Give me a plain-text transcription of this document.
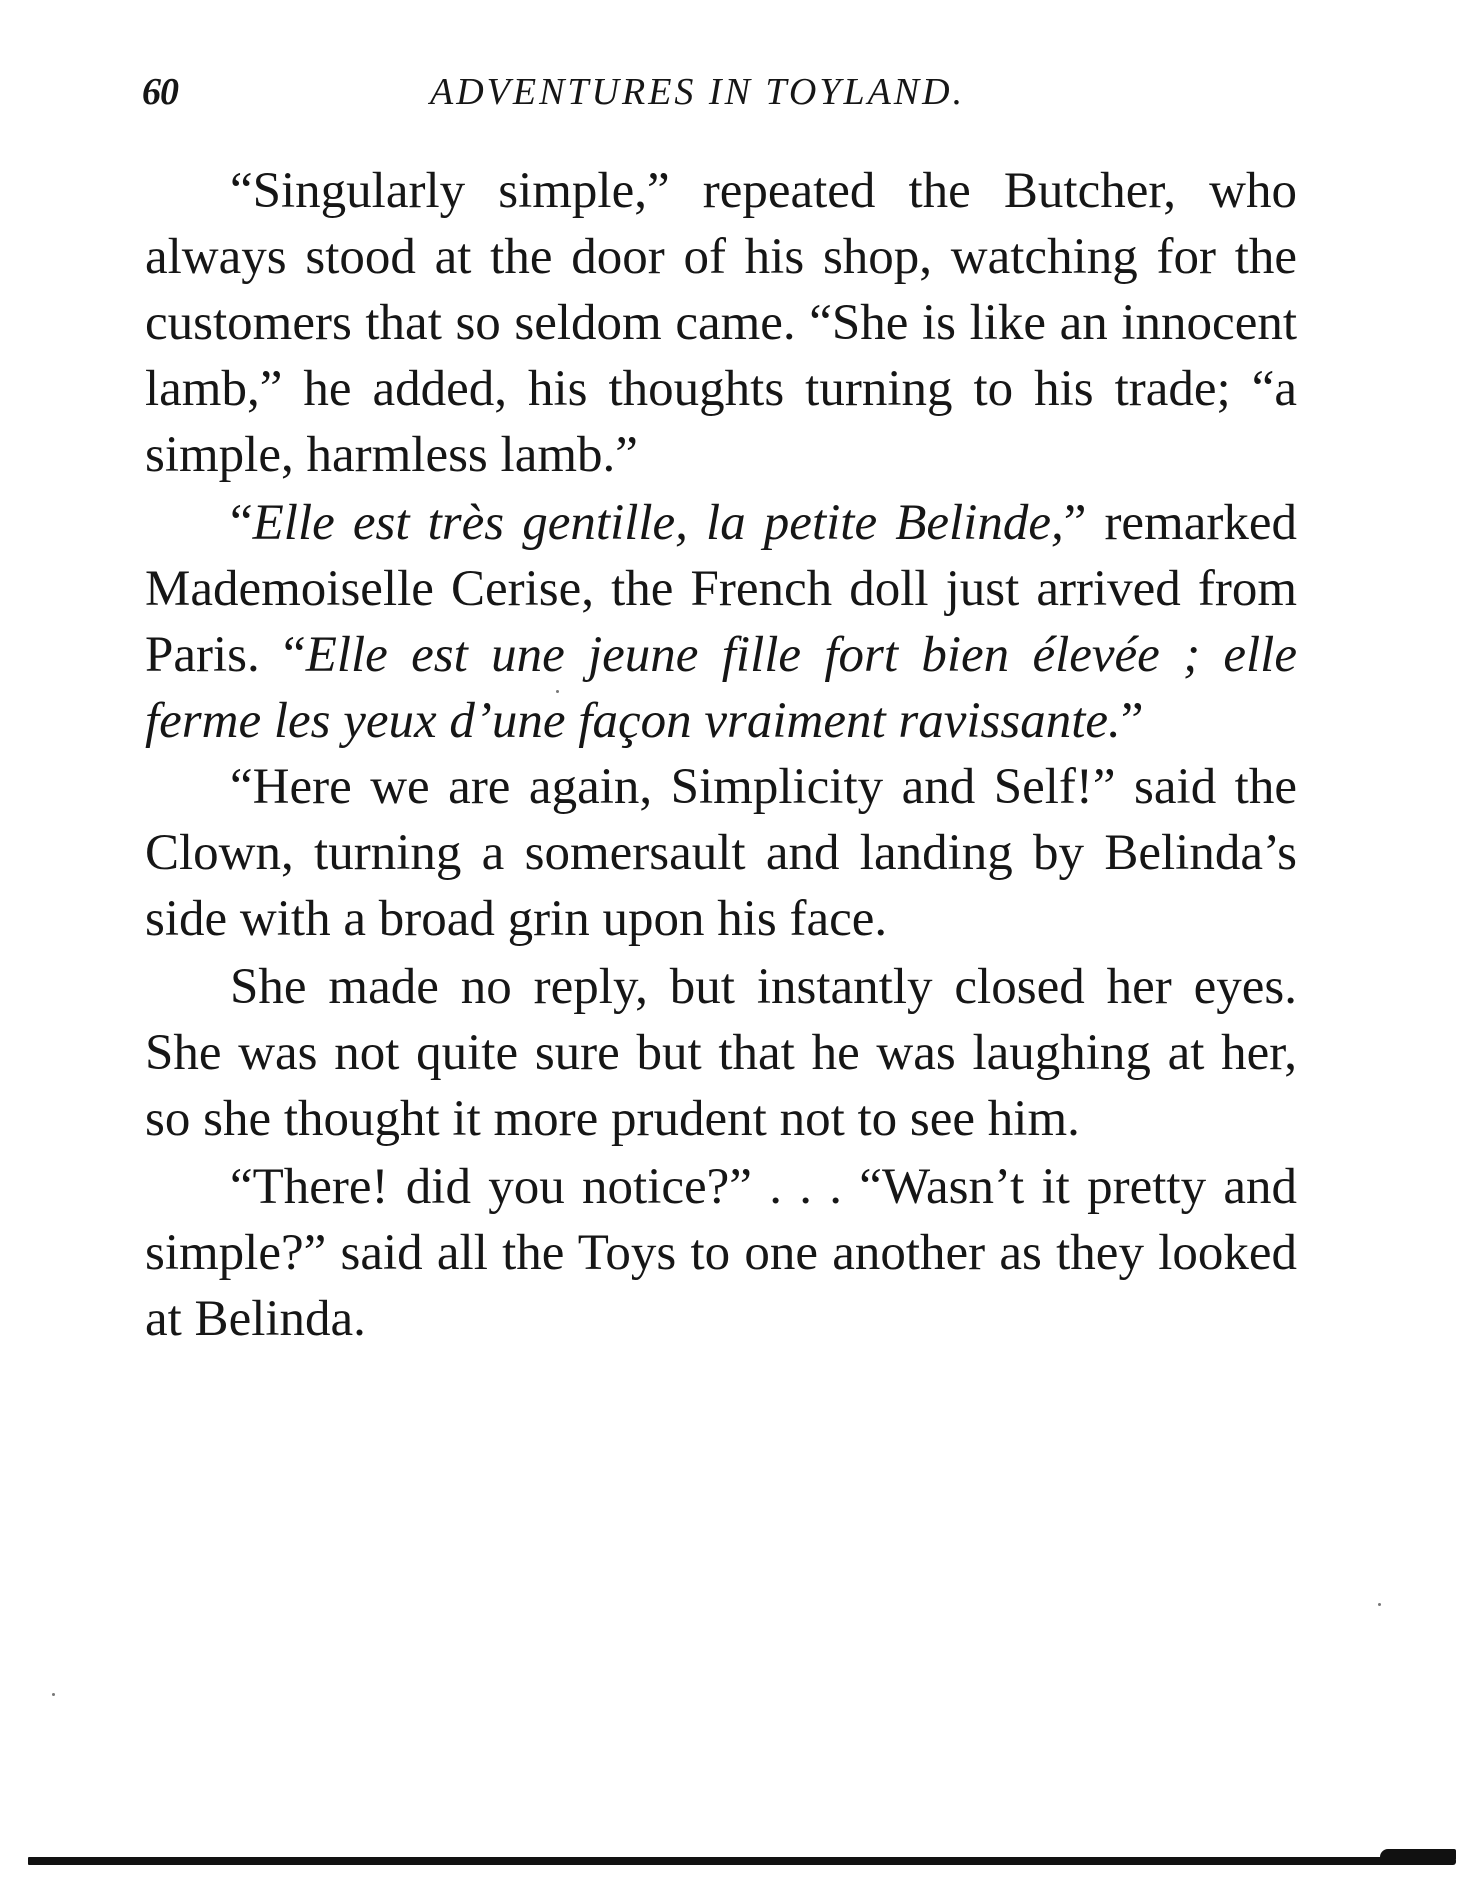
60	ADVENTURES IN TOYLAND.

“Singularly simple,” repeated the Butcher, who always stood at the door of his shop, watching for the customers that so seldom came. “She is like an innocent lamb,” he added, his thoughts turning to his trade; “a simple, harmless lamb.”

“Elle est très gentille, la petite Belinde,” remarked Mademoiselle Cerise, the French doll just arrived from Paris. “Elle est une jeune fille fort bien élevée ; elle ferme les yeux d’une façon vraiment ravissante.”

“Here we are again, Simplicity and Self!” said the Clown, turning a somersault and landing by Belinda’s side with a broad grin upon his face.

She made no reply, but instantly closed her eyes. She was not quite sure but that he was laughing at her, so she thought it more prudent not to see him.

“There! did you notice?” . . . “Wasn’t it pretty and simple?” said all the Toys to one another as they looked at Belinda.
